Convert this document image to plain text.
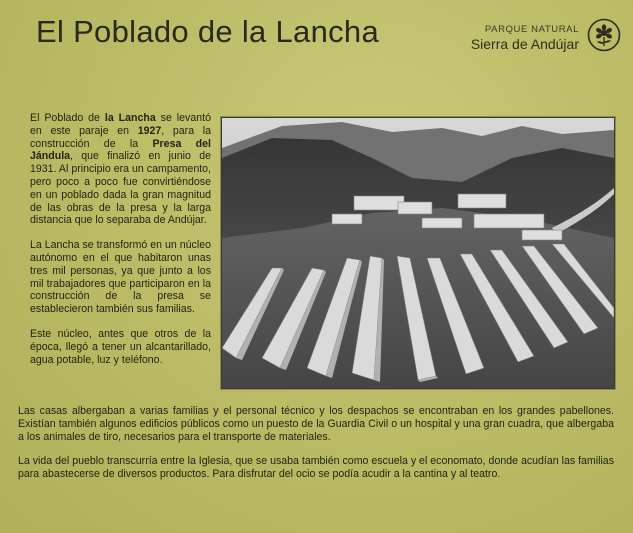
El Poblado de la Lancha	PARQUE NATURAL
Sierra de Andújar

El Poblado de la Lancha se levantó en este paraje en 1927, para la construcción de la Presa del Jándula, que finalizó en junio de 1931. Al principio era un campamento, pero poco a poco fue convirtiéndose en un poblado dada la gran magnitud de las obras de la presa y la larga distancia que lo separaba de Andújar.

La Lancha se transformó en un núcleo autónomo en el que habitaron unas tres mil personas, ya que junto a los mil trabajadores que participaron en la construcción de la presa se establecieron también sus familias.

Este núcleo, antes que otros de la época, llegó a tener un alcantarillado, agua potable, luz y teléfono.

Las casas albergaban a varias familias y el personal técnico y los despachos se encontraban en los grandes pabellones. Existían también algunos edificios públicos como un puesto de la Guardia Civil o un hospital y una gran cuadra, que albergaba a los animales de tiro, necesarios para el transporte de materiales.

La vida del pueblo transcurría entre la Iglesia, que se usaba también como escuela y el economato, donde acudían las familias para abastecerse de diversos productos. Para disfrutar del ocio se podía acudir a la cantina y al teatro.
